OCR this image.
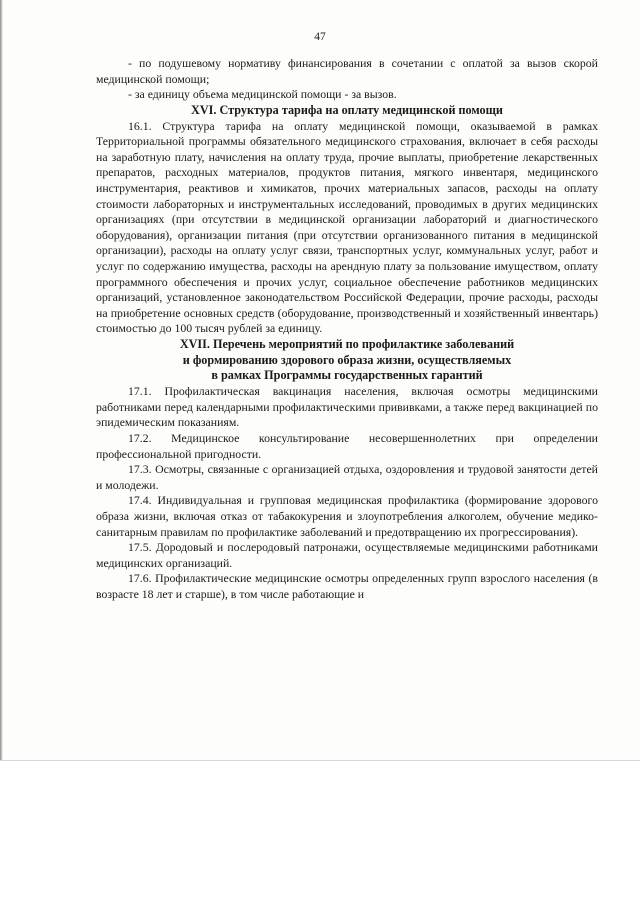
47

- по подушевому нормативу финансирования в сочетании с оплатой за вызов скорой медицинской помощи;

- за единицу объема медицинской помощи - за вызов.

XVI. Структура тарифа на оплату медицинской помощи

16.1. Структура тарифа на оплату медицинской помощи, оказываемой в рамках Территориальной программы обязательного медицинского страхования, включает в себя расходы на заработную плату, начисления на оплату труда, прочие выплаты, приобретение лекарственных препаратов, расходных материалов, продуктов питания, мягкого инвентаря, медицинского инструментария, реактивов и химикатов, прочих материальных запасов, расходы на оплату стоимости лабораторных и инструментальных исследований, проводимых в других медицинских организациях (при отсутствии в медицинской организации лабораторий и диагностического оборудования), организации питания (при отсутствии организованного питания в медицинской организации), расходы на оплату услуг связи, транспортных услуг, коммунальных услуг, работ и услуг по содержанию имущества, расходы на арендную плату за пользование имуществом, оплату программного обеспечения и прочих услуг, социальное обеспечение работников медицинских организаций, установленное законодательством Российской Федерации, прочие расходы, расходы на приобретение основных средств (оборудование, производственный и хозяйственный инвентарь) стоимостью до 100 тысяч рублей за единицу.

XVII. Перечень мероприятий по профилактике заболеваний
и формированию здорового образа жизни, осуществляемых
в рамках Программы государственных гарантий

17.1. Профилактическая вакцинация населения, включая осмотры медицинскими работниками перед календарными профилактическими прививками, а также перед вакцинацией по эпидемическим показаниям.

17.2. Медицинское консультирование несовершеннолетних при определении профессиональной пригодности.

17.3. Осмотры, связанные с организацией отдыха, оздоровления и трудовой занятости детей и молодежи.

17.4. Индивидуальная и групповая медицинская профилактика (формирование здорового образа жизни, включая отказ от табакокурения и злоупотребления алкоголем, обучение медико-санитарным правилам по профилактике заболеваний и предотвращению их прогрессирования).

17.5. Дородовый и послеродовый патронажи, осуществляемые медицинскими работниками медицинских организаций.

17.6. Профилактические медицинские осмотры определенных групп взрослого населения (в возрасте 18 лет и старше), в том числе работающие и
